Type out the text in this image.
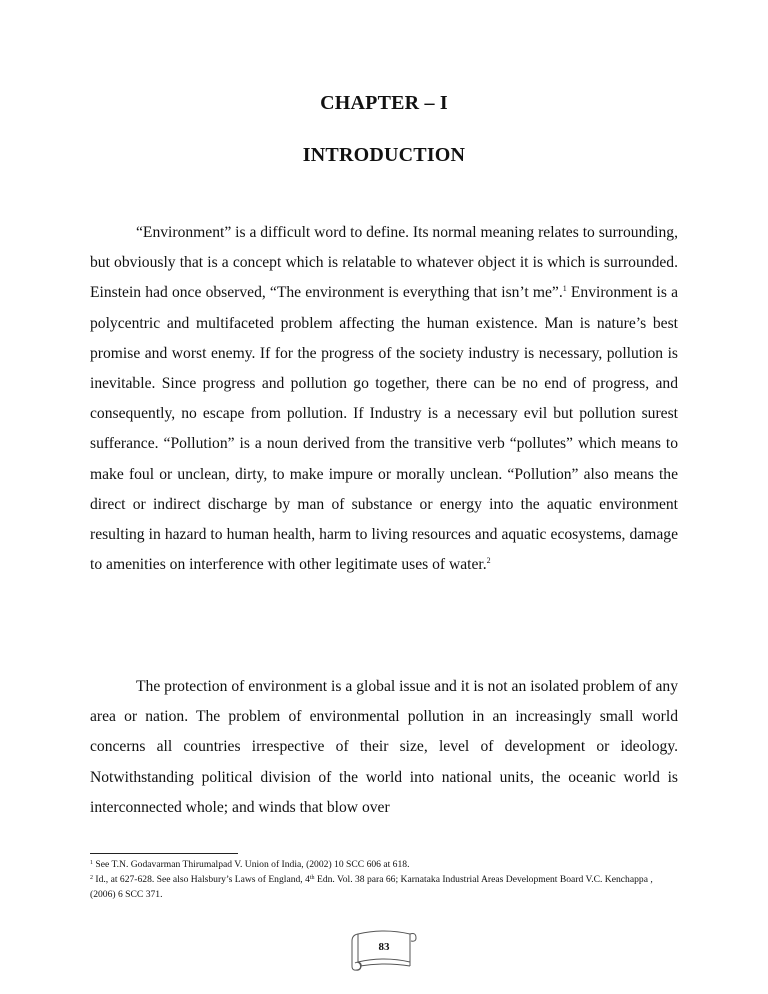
CHAPTER – I
INTRODUCTION

“Environment” is a difficult word to define. Its normal meaning relates to surrounding, but obviously that is a concept which is relatable to whatever object it is which is surrounded. Einstein had once observed, “The environment is everything that isn’t me”.$^1$ Environment is a polycentric and multifaceted problem affecting the human existence. Man is nature’s best promise and worst enemy. If for the progress of the society industry is necessary, pollution is inevitable. Since progress and pollution go together, there can be no end of progress, and consequently, no escape from pollution. If Industry is a necessary evil but pollution surest sufferance. “Pollution” is a noun derived from the transitive verb “pollutes” which means to make foul or unclean, dirty, to make impure or morally unclean. “Pollution” also means the direct or indirect discharge by man of substance or energy into the aquatic environment resulting in hazard to human health, harm to living resources and aquatic ecosystems, damage to amenities on interference with other legitimate uses of water.$^2$

The protection of environment is a global issue and it is not an isolated problem of any area or nation. The problem of environmental pollution in an increasingly small world concerns all countries irrespective of their size, level of development or ideology. Notwithstanding political division of the world into national units, the oceanic world is interconnected whole; and winds that blow over

$^1$ See T.N. Godavarman Thirumalpad V. Union of India, (2002) 10 SCC 606 at 618.

$^2$ Id., at 627-628. See also Halsbury’s Laws of England, 4th Edn. Vol. 38 para 66; Karnataka Industrial Areas Development Board V.C. Kenchappa , (2006) 6 SCC 371.

83
